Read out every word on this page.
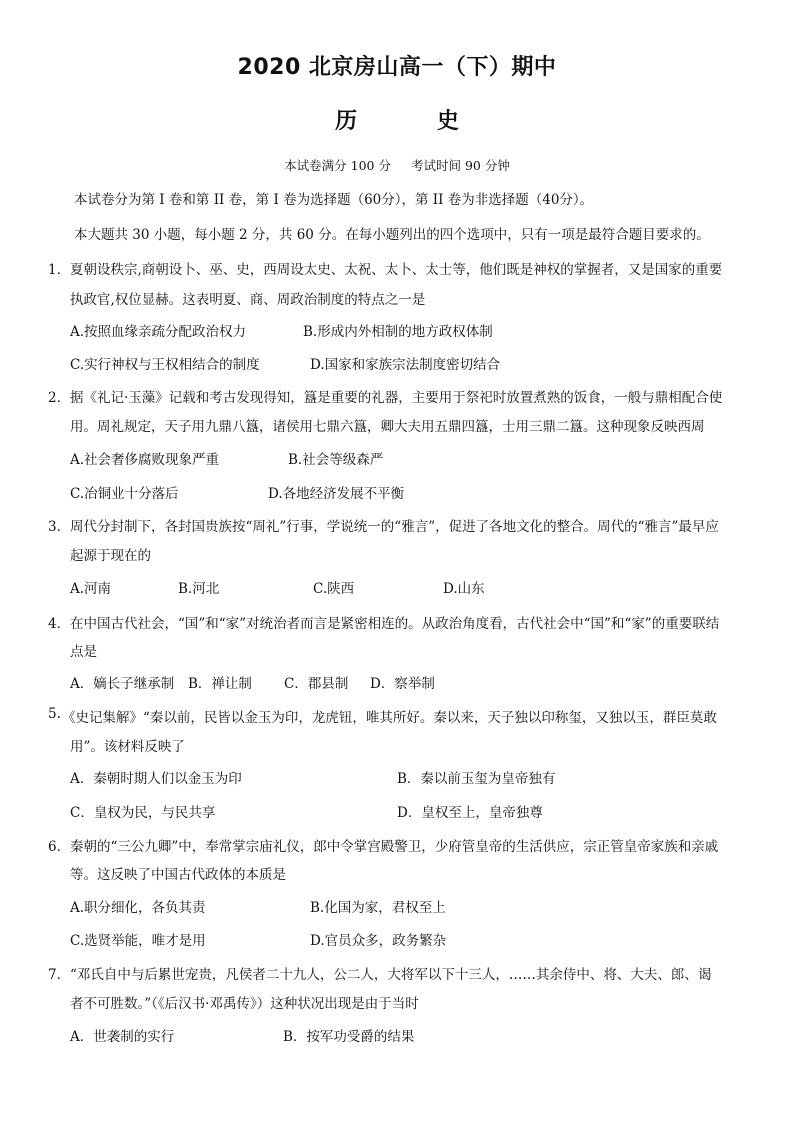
2020 北京房山高一（下）期中
历 史
本试卷满分 100 分 考试时间 90 分钟
本试卷分为第 I 卷和第 II 卷，第 I 卷为选择题（60分），第 II 卷为非选择题（40分）。
本大题共 30 小题，每小题 2 分，共 60 分。在每小题列出的四个选项中，只有一项是最符合题目要求的。
1． 夏朝设秩宗,商朝设卜、巫、史，西周设太史、太祝、太卜、太士等，他们既是神权的掌握者，又是国家的重要
执政官,权位显赫。这表明夏、商、周政治制度的特点之一是
A.按照血缘亲疏分配政治权力	B.形成内外相制的地方政权体制
C.实行神权与王权相结合的制度	D.国家和家族宗法制度密切结合
2． 据《礼记·玉藻》记载和考古发现得知，簋是重要的礼器，主要用于祭祀时放置煮熟的饭食，一般与鼎相配合使
用。周礼规定，天子用九鼎八簋，诸侯用七鼎六簋，卿大夫用五鼎四簋，士用三鼎二簋。这种现象反映西周
A.社会奢侈腐败现象严重	B.社会等级森严
C.冶铜业十分落后	D.各地经济发展不平衡
3． 周代分封制下，各封国贵族按“周礼”行事，学说统一的“雅言”，促进了各地文化的整合。周代的“雅言”最早应
起源于现在的
A.河南	B.河北	C.陕西	D.山东
4． 在中国古代社会，“国”和“家”对统治者而言是紧密相连的。从政治角度看，古代社会中“国”和“家”的重要联结
点是
A．嫡长子继承制 B．禅让制 C．郡县制 D．察举制
5. 《史记集解》“秦以前，民皆以金玉为印，龙虎钮，唯其所好。秦以来，天子独以印称玺，又独以玉，群臣莫敢
用”。该材料反映了
A．秦朝时期人们以金玉为印	B．秦以前玉玺为皇帝独有
C．皇权为民，与民共享	D．皇权至上，皇帝独尊
6． 秦朝的“三公九卿”中，奉常掌宗庙礼仪，郎中令掌宫殿警卫，少府管皇帝的生活供应，宗正管皇帝家族和亲戚
等。这反映了中国古代政体的本质是
A.职分细化，各负其责	B.化国为家，君权至上
C.选贤举能，唯才是用	D.官员众多，政务繁杂
7． “邓氏自中与后累世宠贵，凡侯者二十九人，公二人，大将军以下十三人，……其余侍中、将、大夫、郎、谒
者不可胜数。”（《后汉书·邓禹传》）这种状况出现是由于当时
A．世袭制的实行	B．按军功受爵的结果
